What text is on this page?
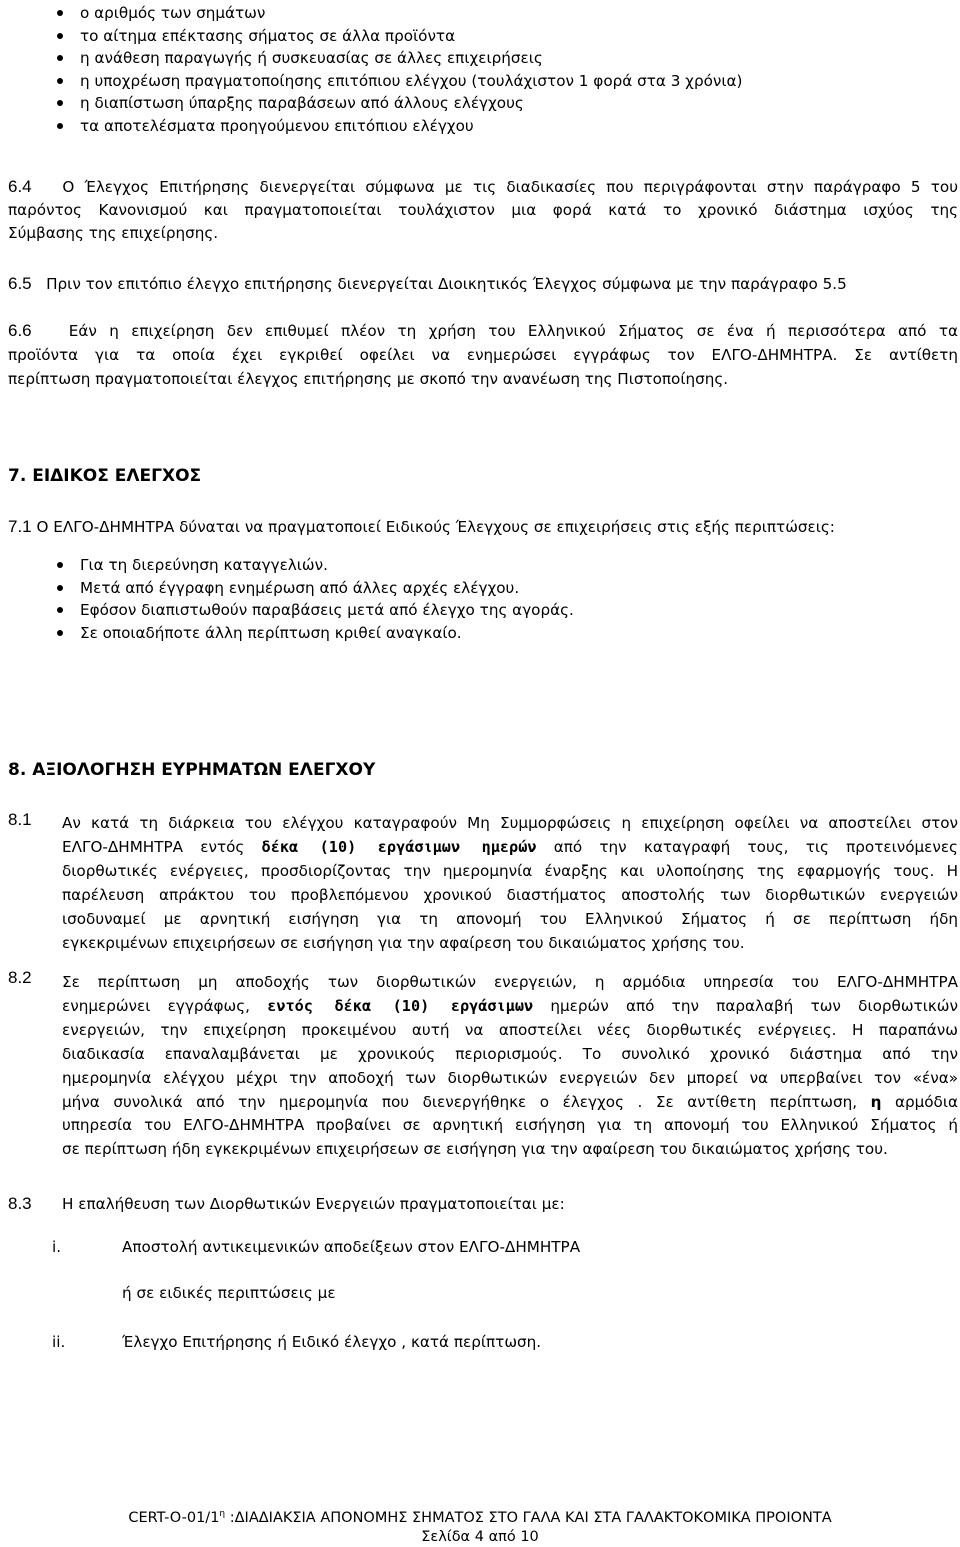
ο αριθμός των σημάτων
το αίτημα επέκτασης σήματος σε άλλα προϊόντα
η ανάθεση παραγωγής ή συσκευασίας σε άλλες επιχειρήσεις
η υποχρέωση πραγματοποίησης επιτόπιου ελέγχου (τουλάχιστον 1 φορά στα 3 χρόνια)
η διαπίστωση ύπαρξης παραβάσεων από άλλους ελέγχους
τα αποτελέσματα προηγούμενου επιτόπιου ελέγχου
6.4 Ο Έλεγχος Επιτήρησης διενεργείται σύμφωνα με τις διαδικασίες που περιγράφονται στην παράγραφο 5 του
παρόντος Κανονισμού και πραγματοποιείται τουλάχιστον μια φορά κατά το χρονικό διάστημα ισχύος της
Σύμβασης της επιχείρησης.
6.5 Πριν τον επιτόπιο έλεγχο επιτήρησης διενεργείται Διοικητικός Έλεγχος σύμφωνα με την παράγραφο 5.5
6.6 Εάν η επιχείρηση δεν επιθυμεί πλέον τη χρήση του Ελληνικού Σήματος σε ένα ή περισσότερα από τα
προϊόντα για τα οποία έχει εγκριθεί οφείλει να ενημερώσει εγγράφως τον ΕΛΓΟ-ΔΗΜΗΤΡΑ. Σε αντίθετη
περίπτωση πραγματοποιείται έλεγχος επιτήρησης με σκοπό την ανανέωση της Πιστοποίησης.
7. ΕΙΔΙΚΟΣ ΕΛΕΓΧΟΣ
7.1 Ο ΕΛΓΟ-ΔΗΜΗΤΡΑ δύναται να πραγματοποιεί Ειδικούς Έλεγχους σε επιχειρήσεις στις εξής περιπτώσεις:
Για τη διερεύνηση καταγγελιών.
Μετά από έγγραφη ενημέρωση από άλλες αρχές ελέγχου.
Εφόσον διαπιστωθούν παραβάσεις μετά από έλεγχο της αγοράς.
Σε οποιαδήποτε άλλη περίπτωση κριθεί αναγκαίο.
8. ΑΞΙΟΛΟΓΗΣΗ ΕΥΡΗΜΑΤΩΝ ΕΛΕΓΧΟΥ
8.1 Αν κατά τη διάρκεια του ελέγχου καταγραφούν Μη Συμμορφώσεις η επιχείρηση οφείλει να αποστείλει στον
ΕΛΓΟ-ΔΗΜΗΤΡΑ εντός δέκα (10) εργάσιμων ημερών από την καταγραφή τους, τις προτεινόμενες
διορθωτικές ενέργειες, προσδιορίζοντας την ημερομηνία έναρξης και υλοποίησης της εφαρμογής τους. Η
παρέλευση απράκτου του προβλεπόμενου χρονικού διαστήματος αποστολής των διορθωτικών ενεργειών
ισοδυναμεί με αρνητική εισήγηση για τη απονομή του Ελληνικού Σήματος ή σε περίπτωση ήδη
εγκεκριμένων επιχειρήσεων σε εισήγηση για την αφαίρεση του δικαιώματος χρήσης του.
8.2 Σε περίπτωση μη αποδοχής των διορθωτικών ενεργειών, η αρμόδια υπηρεσία του ΕΛΓΟ-ΔΗΜΗΤΡΑ
ενημερώνει εγγράφως, εντός δέκα (10) εργάσιμων ημερών από την παραλαβή των διορθωτικών
ενεργειών, την επιχείρηση προκειμένου αυτή να αποστείλει νέες διορθωτικές ενέργειες. Η παραπάνω
διαδικασία επαναλαμβάνεται με χρονικούς περιορισμούς. Το συνολικό χρονικό διάστημα από την
ημερομηνία ελέγχου μέχρι την αποδοχή των διορθωτικών ενεργειών δεν μπορεί να υπερβαίνει τον «ένα»
μήνα συνολικά από την ημερομηνία που διενεργήθηκε ο έλεγχος . Σε αντίθετη περίπτωση, η αρμόδια
υπηρεσία του ΕΛΓΟ-ΔΗΜΗΤΡΑ προβαίνει σε αρνητική εισήγηση για τη απονομή του Ελληνικού Σήματος ή
σε περίπτωση ήδη εγκεκριμένων επιχειρήσεων σε εισήγηση για την αφαίρεση του δικαιώματος χρήσης του.
8.3 Η επαλήθευση των Διορθωτικών Ενεργειών πραγματοποιείται με:
i.	Αποστολή αντικειμενικών αποδείξεων στον ΕΛΓΟ-ΔΗΜΗΤΡΑ
ή σε ειδικές περιπτώσεις με
ii.	Έλεγχο Επιτήρησης ή Ειδικό έλεγχο , κατά περίπτωση.
CERT-$O-01/1^\eta$ :ΔΙΑΔΙΑΚΣΙΑ ΑΠΟΝΟΜΗΣ ΣΗΜΑΤΟΣ ΣΤΟ ΓΑΛΑ ΚΑΙ ΣΤΑ ΓΑΛΑΚΤΟΚΟΜΙΚΑ ΠΡΟΙΟΝΤΑ
Σελίδα 4 από 10
